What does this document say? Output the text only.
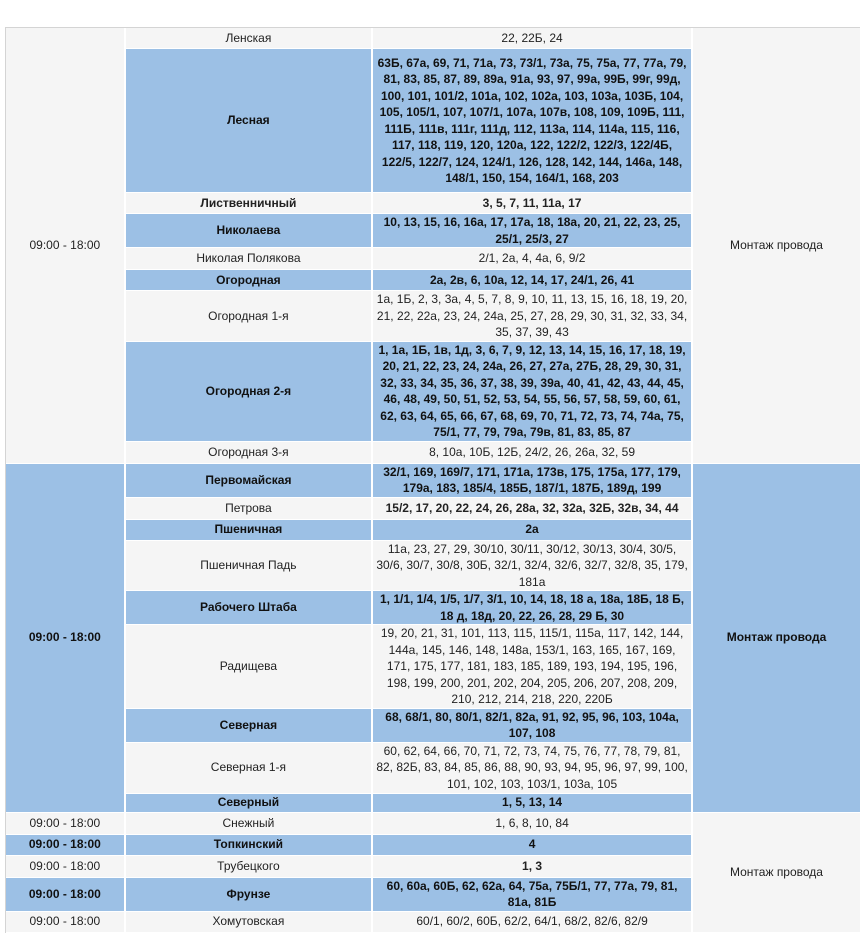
09:00 - 18:00	Ленская	22, 22Б, 24	Монтаж провода
	Лесная	63Б, 67а, 69, 71, 71а, 73, 73/1, 73а, 75, 75а, 77, 77а, 79, 81, 83, 85, 87, 89, 89а, 91а, 93, 97, 99а, 99Б, 99г, 99д, 100, 101, 101/2, 101а, 102, 102а, 103, 103а, 103Б, 104, 105, 105/1, 107, 107/1, 107а, 107в, 108, 109, 109Б, 111, 111Б, 111в, 111г, 111д, 112, 113а, 114, 114а, 115, 116, 117, 118, 119, 120, 120а, 122, 122/2, 122/3, 122/4Б, 122/5, 122/7, 124, 124/1, 126, 128, 142, 144, 146а, 148, 148/1, 150, 154, 164/1, 168, 203	
	Лиственничный	3, 5, 7, 11, 11а, 17	
	Николаева	10, 13, 15, 16, 16а, 17, 17а, 18, 18а, 20, 21, 22, 23, 25, 25/1, 25/3, 27	
	Николая Полякова	2/1, 2а, 4, 4а, 6, 9/2	
	Огородная	2а, 2в, 6, 10а, 12, 14, 17, 24/1, 26, 41	
	Огородная 1-я	1а, 1Б, 2, 3, 3а, 4, 5, 7, 8, 9, 10, 11, 13, 15, 16, 18, 19, 20, 21, 22, 22а, 23, 24, 24а, 25, 27, 28, 29, 30, 31, 32, 33, 34, 35, 37, 39, 43	
	Огородная 2-я	1, 1а, 1Б, 1в, 1д, 3, 6, 7, 9, 12, 13, 14, 15, 16, 17, 18, 19, 20, 21, 22, 23, 24, 24а, 26, 27, 27а, 27Б, 28, 29, 30, 31, 32, 33, 34, 35, 36, 37, 38, 39, 39а, 40, 41, 42, 43, 44, 45, 46, 48, 49, 50, 51, 52, 53, 54, 55, 56, 57, 58, 59, 60, 61, 62, 63, 64, 65, 66, 67, 68, 69, 70, 71, 72, 73, 74, 74а, 75, 75/1, 77, 79, 79а, 79в, 81, 83, 85, 87	
	Огородная 3-я	8, 10а, 10Б, 12Б, 24/2, 26, 26а, 32, 59	
09:00 - 18:00	Первомайская	32/1, 169, 169/7, 171, 171а, 173в, 175, 175а, 177, 179, 179а, 183, 185/4, 185Б, 187/1, 187Б, 189д, 199	Монтаж провода
	Петрова	15/2, 17, 20, 22, 24, 26, 28а, 32, 32а, 32Б, 32в, 34, 44	
	Пшеничная	2а	
	Пшеничная Падь	11а, 23, 27, 29, 30/10, 30/11, 30/12, 30/13, 30/4, 30/5, 30/6, 30/7, 30/8, 30Б, 32/1, 32/4, 32/6, 32/7, 32/8, 35, 179, 181а	
	Рабочего Штаба	1, 1/1, 1/4, 1/5, 1/7, 3/1, 10, 14, 18, 18 а, 18а, 18Б, 18 Б, 18 д, 18д, 20, 22, 26, 28, 29 Б, 30	
	Радищева	19, 20, 21, 31, 101, 113, 115, 115/1, 115а, 117, 142, 144, 144а, 145, 146, 148, 148а, 153/1, 163, 165, 167, 169, 171, 175, 177, 181, 183, 185, 189, 193, 194, 195, 196, 198, 199, 200, 201, 202, 204, 205, 206, 207, 208, 209, 210, 212, 214, 218, 220, 220Б	
	Северная	68, 68/1, 80, 80/1, 82/1, 82а, 91, 92, 95, 96, 103, 104а, 107, 108	
	Северная 1-я	60, 62, 64, 66, 70, 71, 72, 73, 74, 75, 76, 77, 78, 79, 81, 82, 82Б, 83, 84, 85, 86, 88, 90, 93, 94, 95, 96, 97, 99, 100, 101, 102, 103, 103/1, 103а, 105	
	Северный	1, 5, 13, 14	
09:00 - 18:00	Снежный	1, 6, 8, 10, 84	Монтаж провода
09:00 - 18:00	Топкинский	4	
09:00 - 18:00	Трубецкого	1, 3	
09:00 - 18:00	Фрунзе	60, 60а, 60Б, 62, 62а, 64, 75а, 75Б/1, 77, 77а, 79, 81, 81а, 81Б	
09:00 - 18:00	Хомутовская	60/1, 60/2, 60Б, 62/2, 64/1, 68/2, 82/6, 82/9	
